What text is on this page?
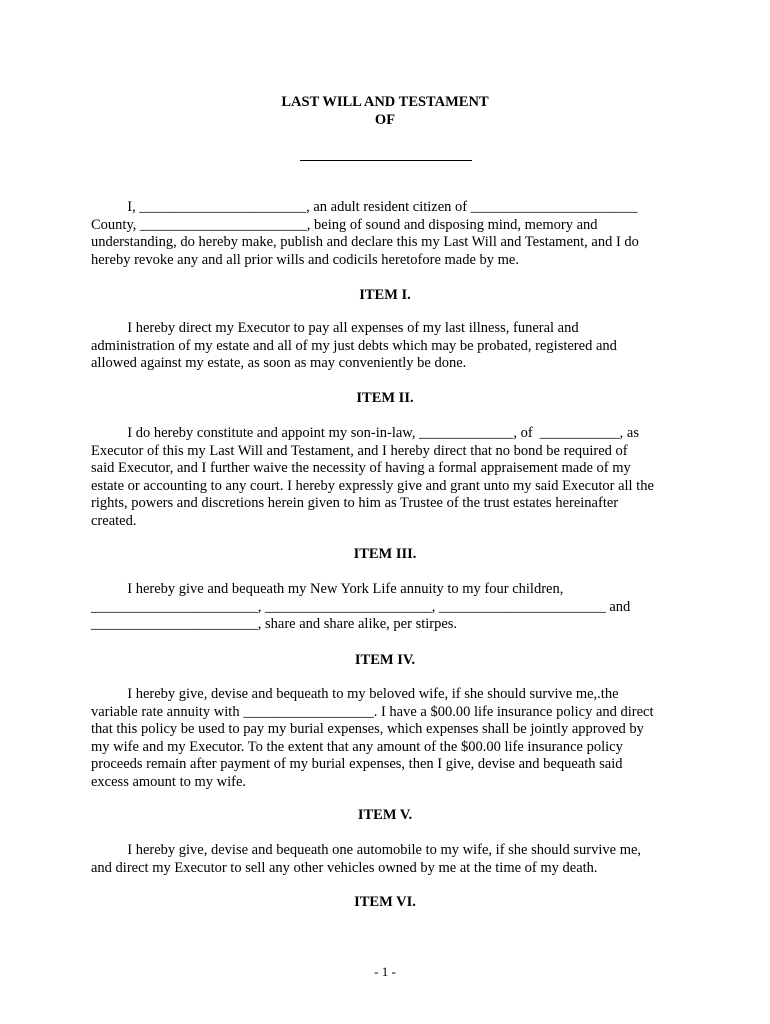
LAST WILL AND TESTAMENT
OF
I, _______________________, an adult resident citizen of _______________________
County, _______________________, being of sound and disposing mind, memory and
understanding, do hereby make, publish and declare this my Last Will and Testament, and I do
hereby revoke any and all prior wills and codicils heretofore made by me.
ITEM I.
I hereby direct my Executor to pay all expenses of my last illness, funeral and
administration of my estate and all of my just debts which may be probated, registered and
allowed against my estate, as soon as may conveniently be done.
ITEM II.
I do hereby constitute and appoint my son-in-law, _____________, of  ___________, as
Executor of this my Last Will and Testament, and I hereby direct that no bond be required of
said Executor, and I further waive the necessity of having a formal appraisement made of my
estate or accounting to any court. I hereby expressly give and grant unto my said Executor all the
rights, powers and discretions herein given to him as Trustee of the trust estates hereinafter
created.
ITEM III.
I hereby give and bequeath my New York Life annuity to my four children,
_______________________, _______________________, _______________________ and
_______________________, share and share alike, per stirpes.
ITEM IV.
I hereby give, devise and bequeath to my beloved wife, if she should survive me,.the
variable rate annuity with __________________. I have a $00.00 life insurance policy and direct
that this policy be used to pay my burial expenses, which expenses shall be jointly approved by
my wife and my Executor. To the extent that any amount of the $00.00 life insurance policy
proceeds remain after payment of my burial expenses, then I give, devise and bequeath said
excess amount to my wife.
ITEM V.
I hereby give, devise and bequeath one automobile to my wife, if she should survive me,
and direct my Executor to sell any other vehicles owned by me at the time of my death.
ITEM VI.
- 1 -
